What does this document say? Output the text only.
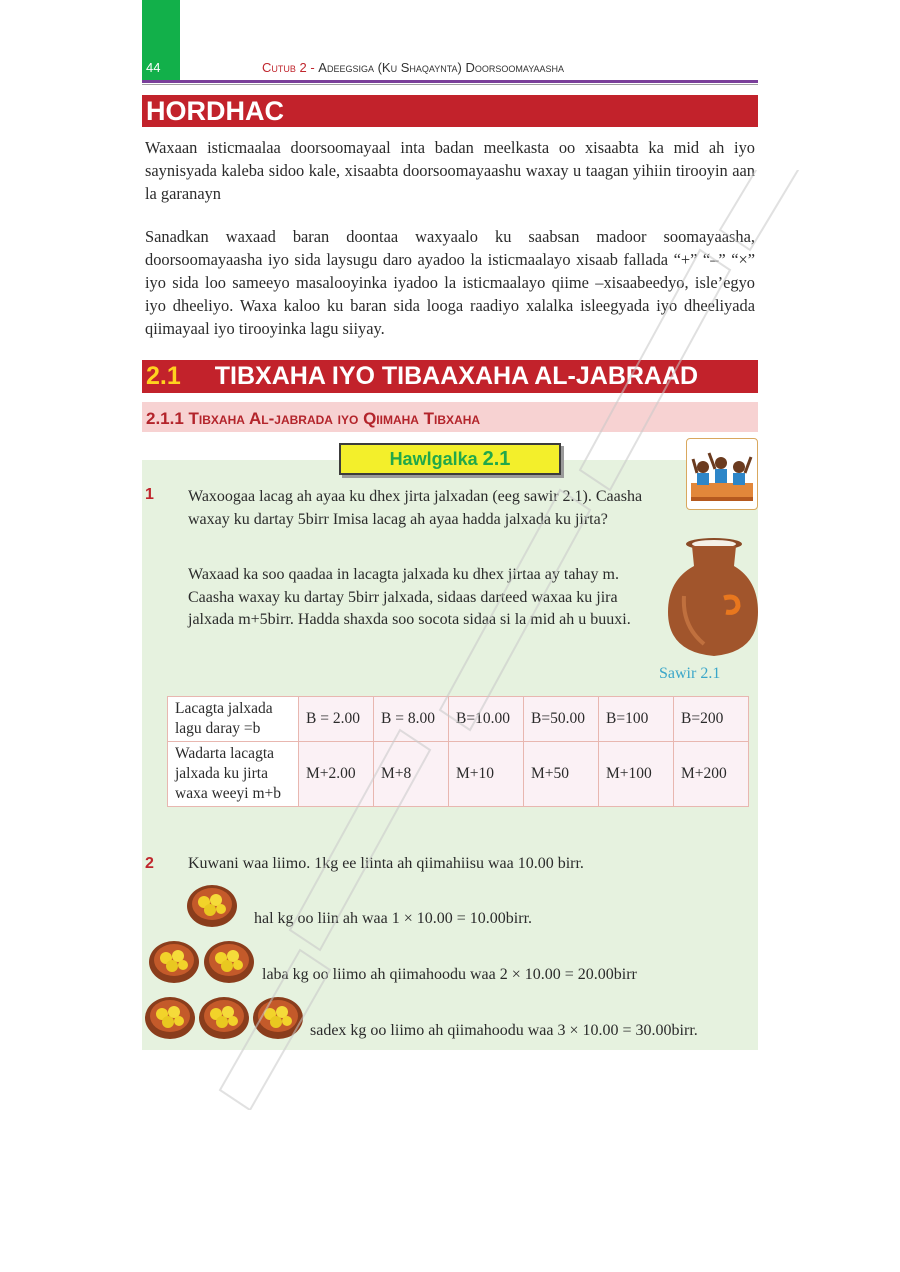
44	Cutub 2 - Adeegsiga (Ku Shaqaynta) Doorsoomayaasha
HORDHAC

Waxaan isticmaalaa doorsoomayaal inta badan meelkasta oo xisaabta ka mid ah iyo saynisyada kaleba sidoo kale, xisaabta doorsoomayaashu waxay u taagan yihiin tirooyin aan la garanayn

Sanadkan waxaad baran doontaa waxyaalo ku saabsan madoor soomayaasha, doorsoomayaasha iyo sida laysugu daro ayadoo la isticmaalayo xisaab fallada “+” “–” “×” iyo sida loo sameeyo masalooyinka iyadoo la isticmaalayo qiime –xisaabeedyo, isle’egyo iyo dheeliyo. Waxa kaloo ku baran sida looga raadiyo xalalka isleegyada iyo dheeliyada qiimayaal iyo tirooyinka lagu siiyay.

2.1 TIBXAHA IYO TIBAAXAHA AL-JABRAAD
2.1.1 Tibxaha Al-jabrada iyo Qiimaha Tibxaha
Hawlgalka 2.1
1 Waxoogaa lacag ah ayaa ku dhex jirta jalxadan (eeg sawir 2.1). Caasha waxay ku dartay 5birr Imisa lacag ah ayaa hadda jalxada ku jirta?

Waxaad ka soo qaadaa in lacagta jalxada ku dhex jirtaa ay tahay m. Caasha waxay ku dartay 5birr jalxada, sidaas darteed waxaa ku jira jalxada m+5birr. Hadda shaxda soo socota sidaa si la mid ah u buuxi.

Sawir 2.1
Lacagta jalxada lagu daray =b	B = 2.00	B = 8.00	B=10.00	B=50.00	B=100	B=200
Wadarta lacagta jalxada ku jirta waxa weeyi m+b	M+2.00	M+8	M+10	M+50	M+100	M+200
2 Kuwani waa liimo. 1kg ee liinta ah qiimahiisu waa 10.00 birr.

hal kg oo liin ah waa 1 × 10.00 = 10.00birr.
laba kg oo liimo ah qiimahoodu waa 2 × 10.00 = 20.00birr
sadex kg oo liimo ah qiimahoodu waa 3 × 10.00 = 30.00birr.
